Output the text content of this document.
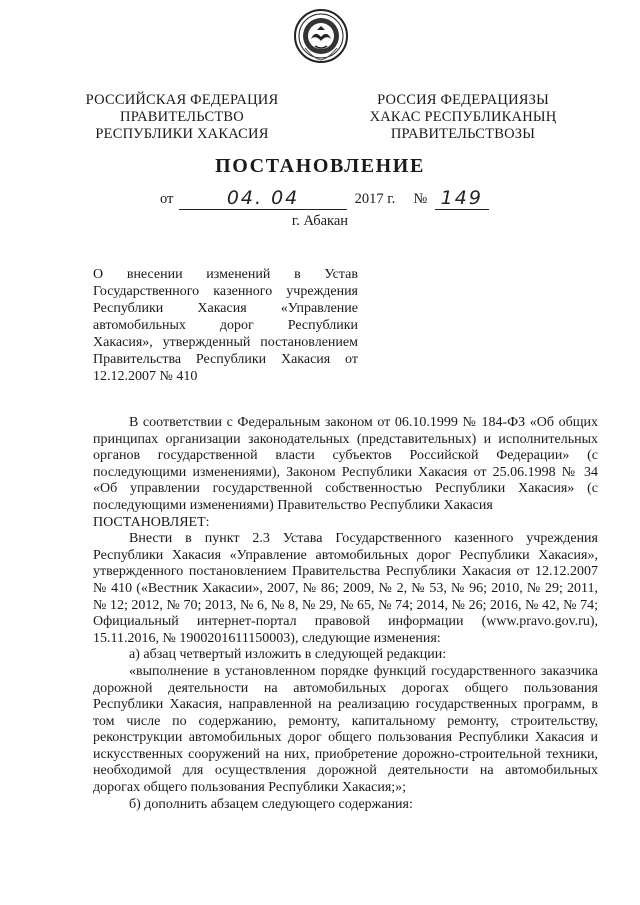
РОССИЙСКАЯ ФЕДЕРАЦИЯ
ПРАВИТЕЛЬСТВО
РЕСПУБЛИКИ ХАКАСИЯ
РОССИЯ ФЕДЕРАЦИЯЗЫ
ХАКАС РЕСПУБЛИКАНЫҢ
ПРАВИТЕЛЬСТВОЗЫ
ПОСТАНОВЛЕНИЕ
от	04. 04	2017 г. № 149
г. Абакан
О внесении изменений в Устав Государственного казенного учреждения Республики Хакасия «Управление автомобильных дорог Республики Хакасия», утвержденный постановлением Правительства Республики Хакасия от 12.12.2007 № 410

В соответствии с Федеральным законом от 06.10.1999 № 184-ФЗ «Об общих принципах организации законодательных (представительных) и исполнительных органов государственной власти субъектов Российской Федерации» (с последующими изменениями), Законом Республики Хакасия от 25.06.1998 № 34 «Об управлении государственной собственностью Республики Хакасия» (с последующими изменениями) Правительство Республики Хакасия

ПОСТАНОВЛЯЕТ:

Внести в пункт 2.3 Устава Государственного казенного учреждения Республики Хакасия «Управление автомобильных дорог Республики Хакасия», утвержденного постановлением Правительства Республики Хакасия от 12.12.2007 № 410 («Вестник Хакасии», 2007, № 86; 2009, № 2, № 53, № 96; 2010, № 29; 2011, № 12; 2012, № 70; 2013, № 6, № 8, № 29, № 65, № 74; 2014, № 26; 2016, № 42, № 74; Официальный интернет-портал правовой информации (www.pravo.gov.ru), 15.11.2016, № 1900201611150003), следующие изменения:

а) абзац четвертый изложить в следующей редакции:

«выполнение в установленном порядке функций государственного заказчика дорожной деятельности на автомобильных дорогах общего пользования Республики Хакасия, направленной на реализацию государственных программ, в том числе по содержанию, ремонту, капитальному ремонту, строительству, реконструкции автомобильных дорог общего пользования Республики Хакасия и искусственных сооружений на них, приобретение дорожно-строительной техники, необходимой для осуществления дорожной деятельности на автомобильных дорогах общего пользования Республики Хакасия;»;

б) дополнить абзацем следующего содержания:
